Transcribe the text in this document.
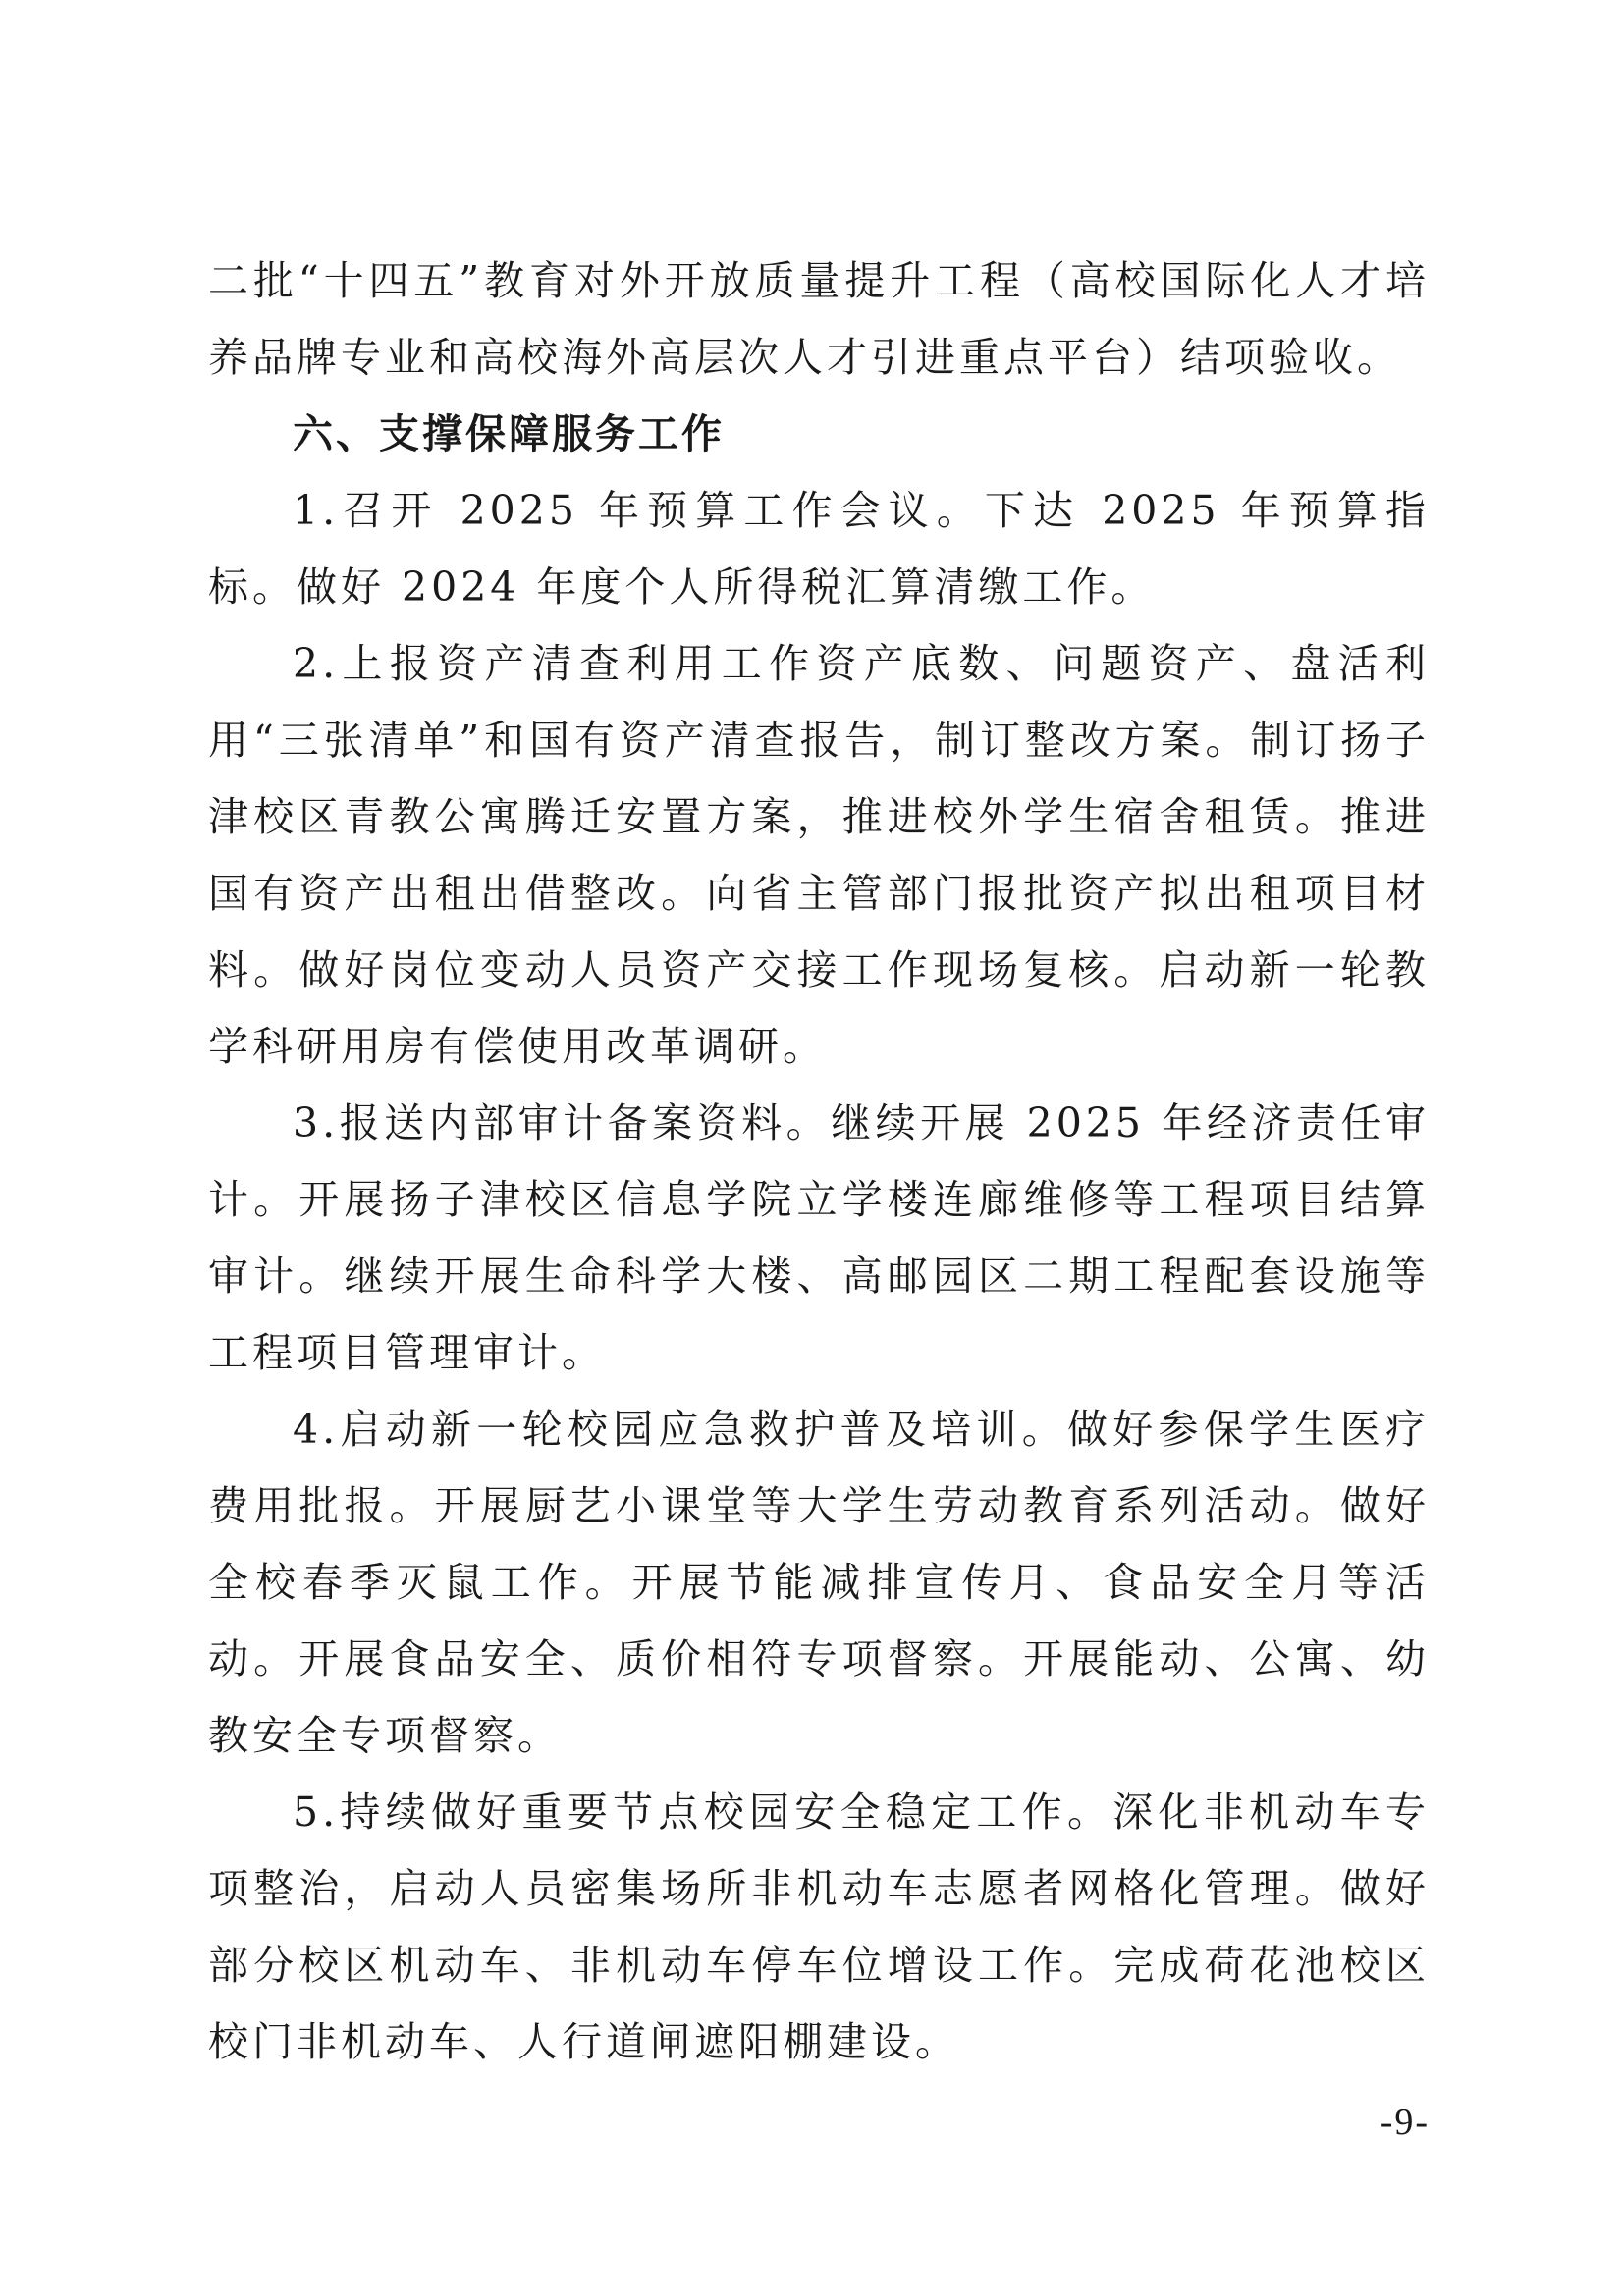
二批“十四五”教育对外开放质量提升工程（高校国际化人才培养品牌专业和高校海外高层次人才引进重点平台）结项验收。

六、支撑保障服务工作

1.召开 2025 年预算工作会议。下达 2025 年预算指标。做好 2024 年度个人所得税汇算清缴工作。

2.上报资产清查利用工作资产底数、问题资产、盘活利用“三张清单”和国有资产清查报告，制订整改方案。制订扬子津校区青教公寓腾迁安置方案，推进校外学生宿舍租赁。推进国有资产出租出借整改。向省主管部门报批资产拟出租项目材料。做好岗位变动人员资产交接工作现场复核。启动新一轮教学科研用房有偿使用改革调研。

3.报送内部审计备案资料。继续开展 2025 年经济责任审计。开展扬子津校区信息学院立学楼连廊维修等工程项目结算审计。继续开展生命科学大楼、高邮园区二期工程配套设施等工程项目管理审计。

4.启动新一轮校园应急救护普及培训。做好参保学生医疗费用批报。开展厨艺小课堂等大学生劳动教育系列活动。做好全校春季灭鼠工作。开展节能减排宣传月、食品安全月等活动。开展食品安全、质价相符专项督察。开展能动、公寓、幼教安全专项督察。

5.持续做好重要节点校园安全稳定工作。深化非机动车专项整治，启动人员密集场所非机动车志愿者网格化管理。做好部分校区机动车、非机动车停车位增设工作。完成荷花池校区校门非机动车、人行道闸遮阳棚建设。

-9-
